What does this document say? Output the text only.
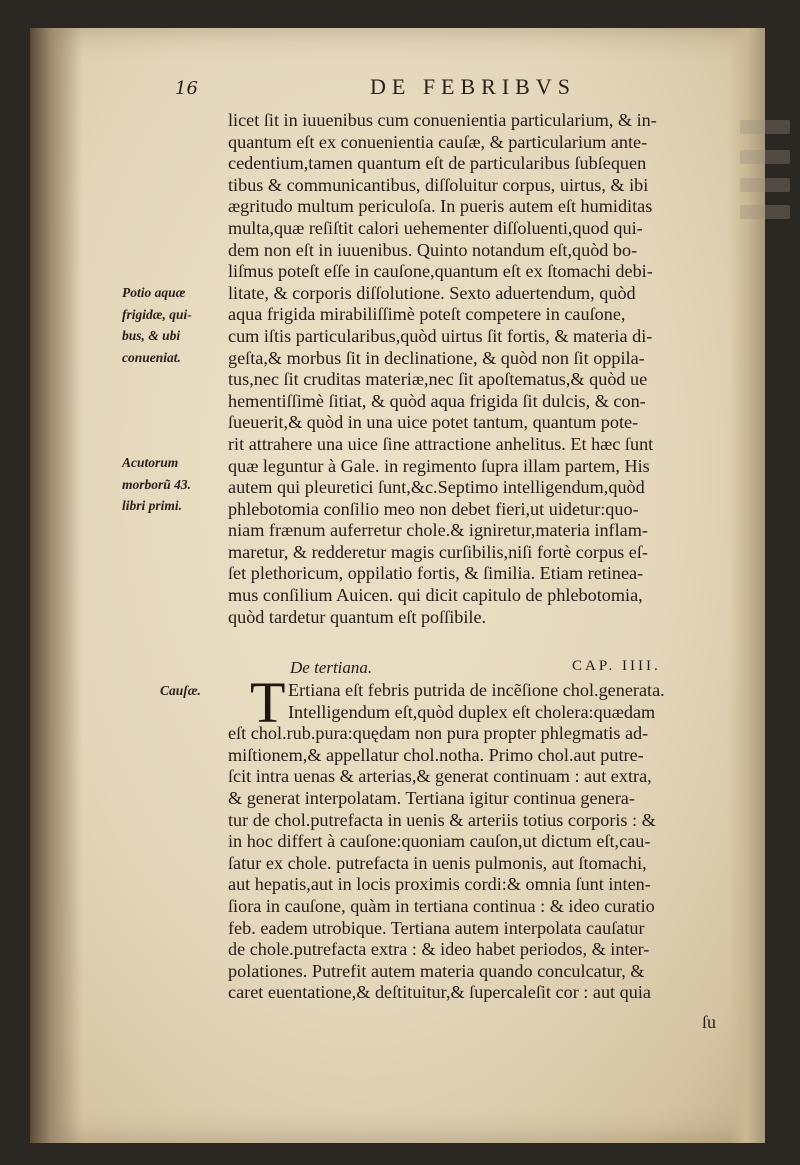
16	DE FEBRIBVS
licet ſit in iuuenibus cum conuenientia particularium, & in-
quantum eſt ex conuenientia cauſæ, & particularium ante-
cedentium,tamen quantum eſt de particularibus ſubſequen
tibus & communicantibus, diſſoluitur corpus, uirtus, & ibi
ægritudo multum periculoſa. In pueris autem eſt humiditas
multa,quæ reſiſtit calori uehementer diſſoluenti,quod qui-
dem non eſt in iuuenibus. Quinto notandum eſt,quòd bo-
liſmus poteſt eſſe in cauſone,quantum eſt ex ſtomachi debi-
litate, & corporis diſſolutione. Sexto aduertendum, quòd
aqua frigida mirabiliſſimè poteſt competere in cauſone,
cum iſtis particularibus,quòd uirtus ſit fortis, & materia di-
geſta,& morbus ſit in declinatione, & quòd non ſit oppila-
tus,nec ſit cruditas materiæ,nec ſit apoſtematus,& quòd ue
hementiſſimè ſitiat, & quòd aqua frigida ſit dulcis, & con-
ſueuerit,& quòd in una uice potet tantum, quantum pote-
rit attrahere una uice ſine attractione anhelitus. Et hæc ſunt
quæ leguntur à Gale. in regimento ſupra illam partem, His
autem qui pleuretici ſunt,&c.Septimo intelligendum,quòd
phlebotomia conſilio meo non debet fieri,ut uidetur:quo-
niam frænum auferretur chole.& igniretur,materia inflam-
maretur, & redderetur magis curſibilis,niſi fortè corpus eſ-
ſet plethoricum, oppilatio fortis, & ſimilia. Etiam retinea-
mus conſilium Auicen. qui dicit capitulo de phlebotomia,
quòd tardetur quantum eſt poſſibile.
Potio aquæ
frigidæ, qui-
bus, & ubi
conueniat.
Acutorum
morborũ 43.
libri primi.
De tertiana.	CAP. IIII.
Cauſæ. T Ertiana eſt febris putrida de incẽſione chol.generata.
Intelligendum eſt,quòd duplex eſt cholera:quædam
eſt chol.rub.pura:quędam non pura propter phlegmatis ad-
miſtionem,& appellatur chol.notha. Primo chol.aut putre-
ſcit intra uenas & arterias,& generat continuam : aut extra,
& generat interpolatam. Tertiana igitur continua genera-
tur de chol.putrefacta in uenis & arteriis totius corporis : &
in hoc differt à cauſone:quoniam cauſon,ut dictum eſt,cau-
ſatur ex chole. putrefacta in uenis pulmonis, aut ſtomachi,
aut hepatis,aut in locis proximis cordi:& omnia ſunt inten-
ſiora in cauſone, quàm in tertiana continua : & ideo curatio
feb. eadem utrobique. Tertiana autem interpolata cauſatur
de chole.putrefacta extra : & ideo habet periodos, & inter-
polationes. Putrefit autem materia quando conculcatur, &
caret euentatione,& deſtituitur,& ſupercaleſit cor : aut quia
ſu
